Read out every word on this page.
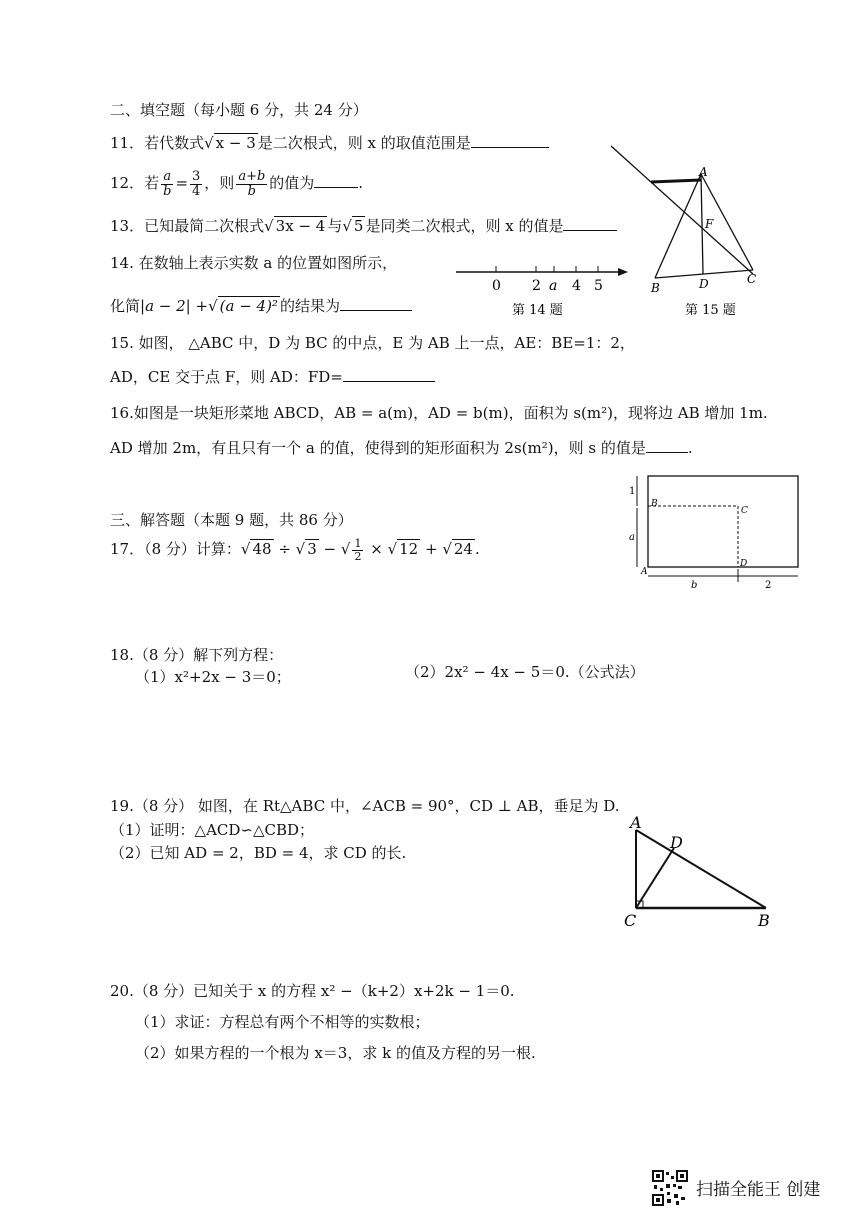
二、填空题（每小题 6 分，共 24 分）
11．若代数式 √ x − 3 是二次根式，则 x 的取值范围是
12．若 $\frac{a}{b} = \frac{3}{4}$ ，则 $\frac{a+b}{b}$ 的值为	.
13．已知最简二次根式 √ 3x − 4 与 √ 5 是同类二次根式，则 x 的值是
14. 在数轴上表示实数 a 的位置如图所示，
化简|a − 2| + √ (a − 4)² 的结果为
0 2 a 4 5
第 14 题
A
F
B	D	C
第 15 题
15. 如图， △ABC 中，D 为 BC 的中点，E 为 AB 上一点，AE：BE=1：2，
AD，CE 交于点 F，则 AD：FD=
16.如图是一块矩形菜地 ABCD，AB = a(m)，AD = b(m)，面积为 s(m²)，现将边 AB 增加 1m.
AD 增加 2m，有且只有一个 a 的值，使得到的矩形面积为 2s(m²)，则 s 的值是	.
1
B
C
a
A
D
b	2
三、解答题（本题 9 题，共 86 分）
17．（8 分）计算： √ 48 ÷ √ 3 − √ $\frac{1}{2}$ × √ 12 + √ 24 .
18.（8 分）解下列方程：
（1）x²+2x − 3＝0；	（2）2x² − 4x − 5＝0.（公式法）
19.（8 分） 如图，在 Rt△ABC 中，∠ACB = 90°，CD ⊥ AB，垂足为 D.
（1）证明：△ACD∽△CBD；
（2）已知 AD = 2，BD = 4，求 CD 的长.
A
D
C	B
20.（8 分）已知关于 x 的方程 x² −（k+2）x+2k − 1＝0.
（1）求证：方程总有两个不相等的实数根；
（2）如果方程的一个根为 x＝3，求 k 的值及方程的另一根.
扫描全能王 创建
